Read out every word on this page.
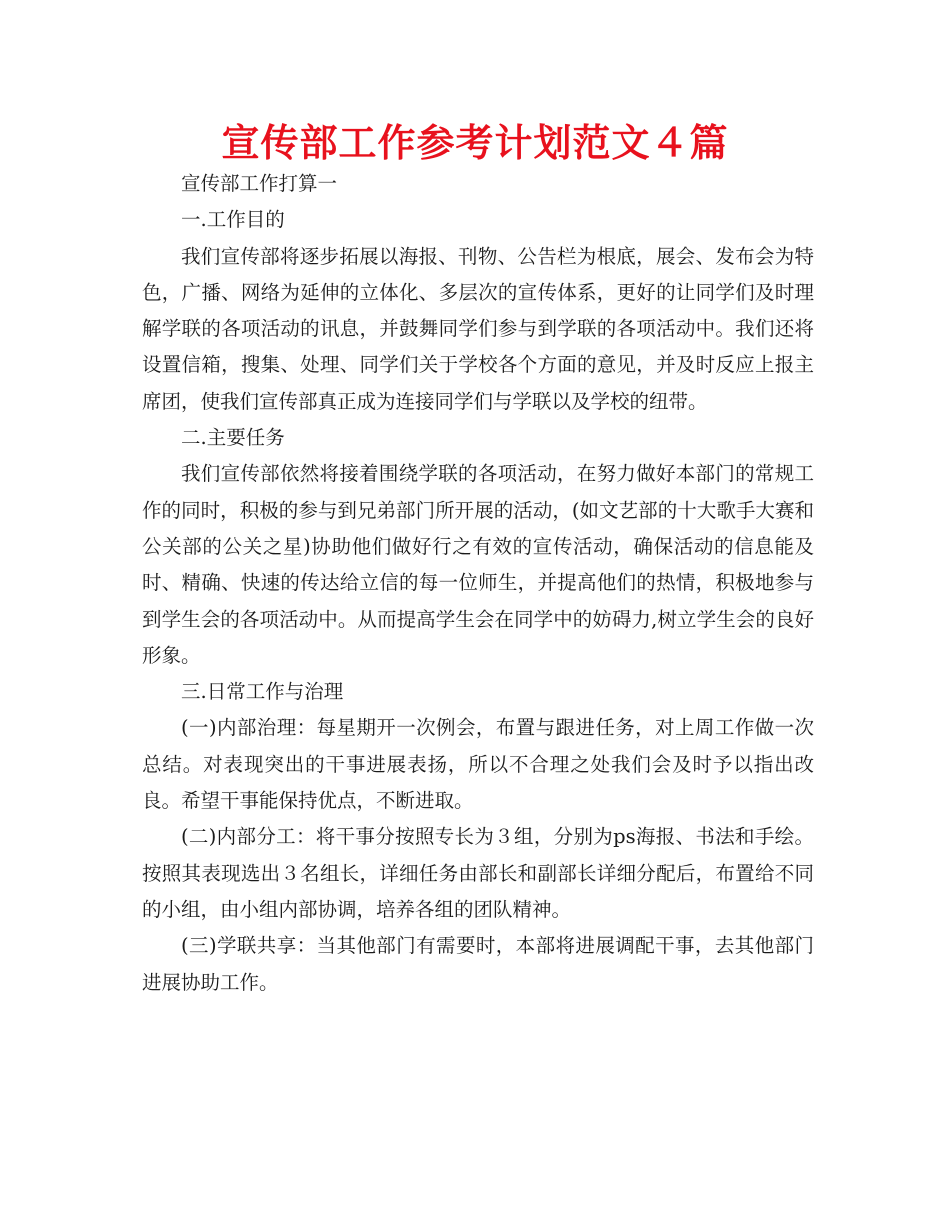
宣传部工作参考计划范文４篇

宣传部工作打算一

一.工作目的

我们宣传部将逐步拓展以海报、刊物、公告栏为根底，展会、发布会为特色，广播、网络为延伸的立体化、多层次的宣传体系，更好的让同学们及时理解学联的各项活动的讯息，并鼓舞同学们参与到学联的各项活动中。我们还将设置信箱，搜集、处理、同学们关于学校各个方面的意见，并及时反应上报主席团，使我们宣传部真正成为连接同学们与学联以及学校的纽带。

二.主要任务

我们宣传部依然将接着围绕学联的各项活动，在努力做好本部门的常规工作的同时，积极的参与到兄弟部门所开展的活动，(如文艺部的十大歌手大赛和公关部的公关之星)协助他们做好行之有效的宣传活动，确保活动的信息能及时、精确、快速的传达给立信的每一位师生，并提高他们的热情，积极地参与到学生会的各项活动中。从而提高学生会在同学中的妨碍力,树立学生会的良好形象。

三.日常工作与治理

(一)内部治理：每星期开一次例会，布置与跟进任务，对上周工作做一次总结。对表现突出的干事进展表扬，所以不合理之处我们会及时予以指出改良。希望干事能保持优点，不断进取。

(二)内部分工：将干事分按照专长为３组，分别为ps海报、书法和手绘。按照其表现选出３名组长，详细任务由部长和副部长详细分配后，布置给不同的小组，由小组内部协调，培养各组的团队精神。

(三)学联共享：当其他部门有需要时，本部将进展调配干事，去其他部门进展协助工作。
